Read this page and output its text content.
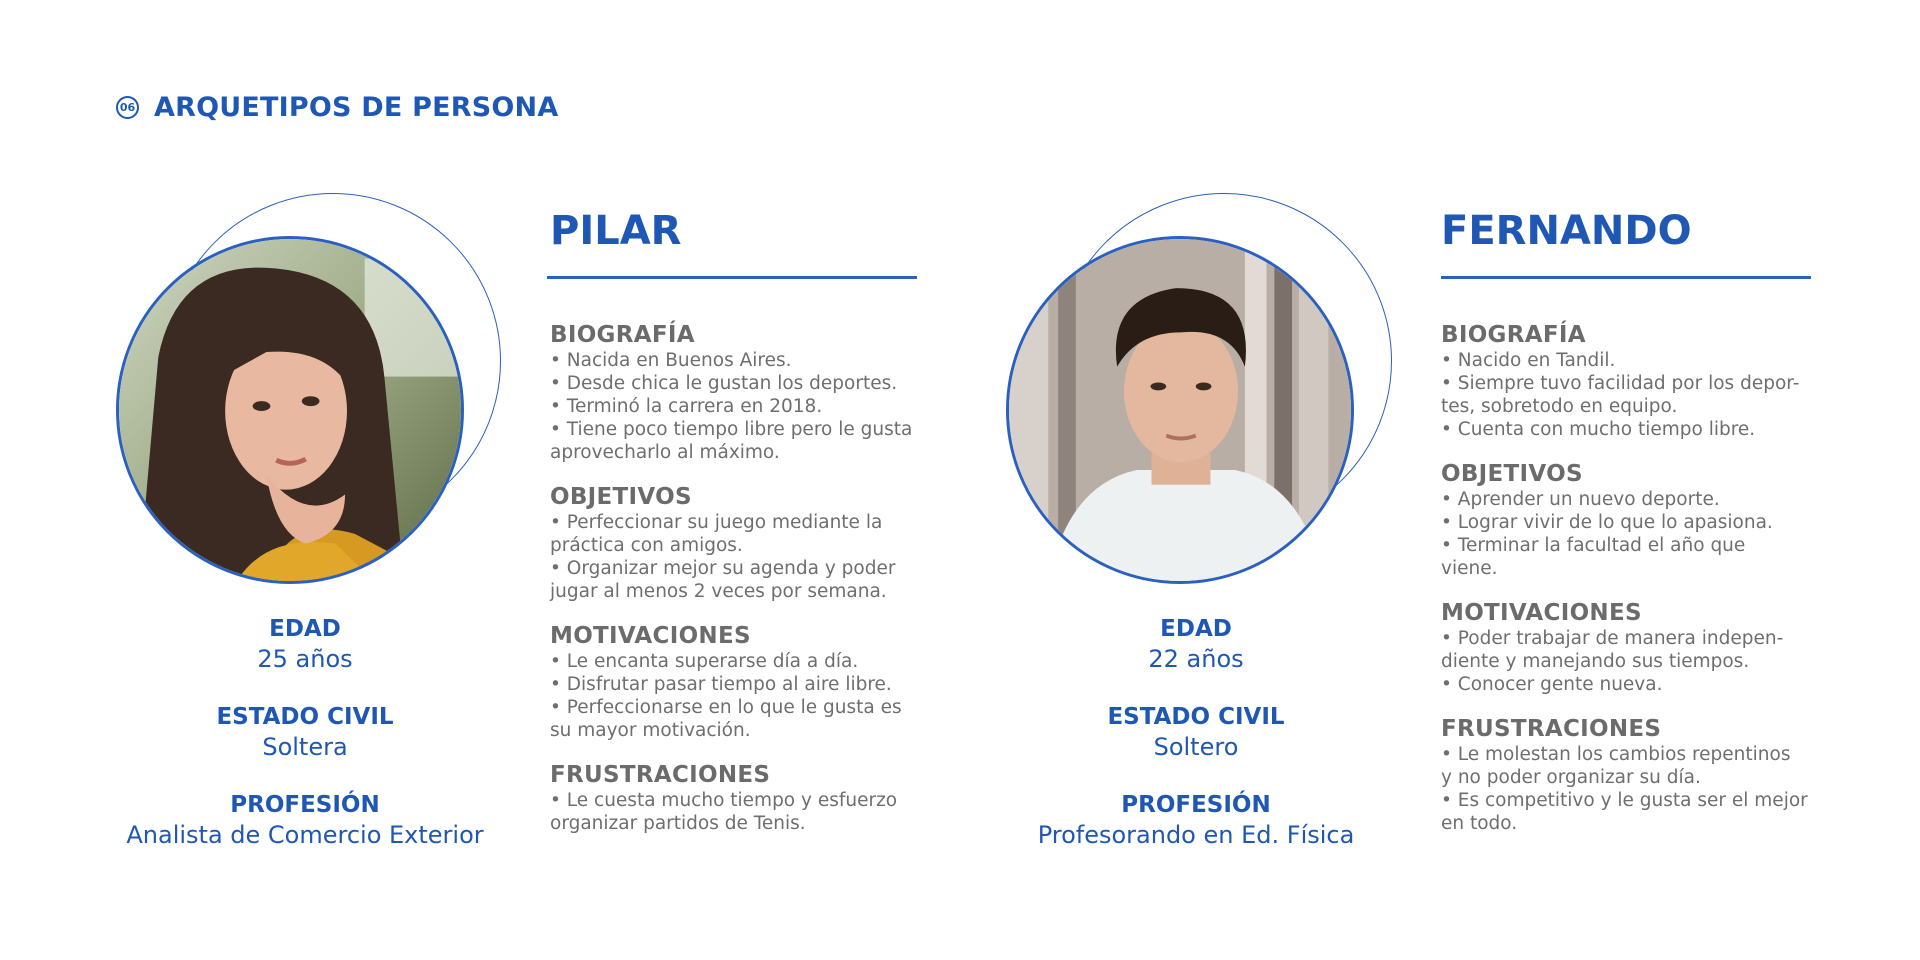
06 ARQUETIPOS DE PERSONA
EDAD
25 años
ESTADO CIVIL
Soltera
PROFESIÓN
Analista de Comercio Exterior
PILAR
BIOGRAFÍA
• Nacida en Buenos Aires.
• Desde chica le gustan los deportes.
• Terminó la carrera en 2018.
• Tiene poco tiempo libre pero le gusta
aprovecharlo al máximo.
OBJETIVOS
• Perfeccionar su juego mediante la
práctica con amigos.
• Organizar mejor su agenda y poder
jugar al menos 2 veces por semana.
MOTIVACIONES
• Le encanta superarse día a día.
• Disfrutar pasar tiempo al aire libre.
• Perfeccionarse en lo que le gusta es
su mayor motivación.
FRUSTRACIONES
• Le cuesta mucho tiempo y esfuerzo
organizar partidos de Tenis.
EDAD
22 años
ESTADO CIVIL
Soltero
PROFESIÓN
Profesorando en Ed. Física
FERNANDO
BIOGRAFÍA
• Nacido en Tandil.
• Siempre tuvo facilidad por los depor-
tes, sobretodo en equipo.
• Cuenta con mucho tiempo libre.
OBJETIVOS
• Aprender un nuevo deporte.
• Lograr vivir de lo que lo apasiona.
• Terminar la facultad el año que
viene.
MOTIVACIONES
• Poder trabajar de manera indepen-
diente y manejando sus tiempos.
• Conocer gente nueva.
FRUSTRACIONES
• Le molestan los cambios repentinos
y no poder organizar su día.
• Es competitivo y le gusta ser el mejor
en todo.
